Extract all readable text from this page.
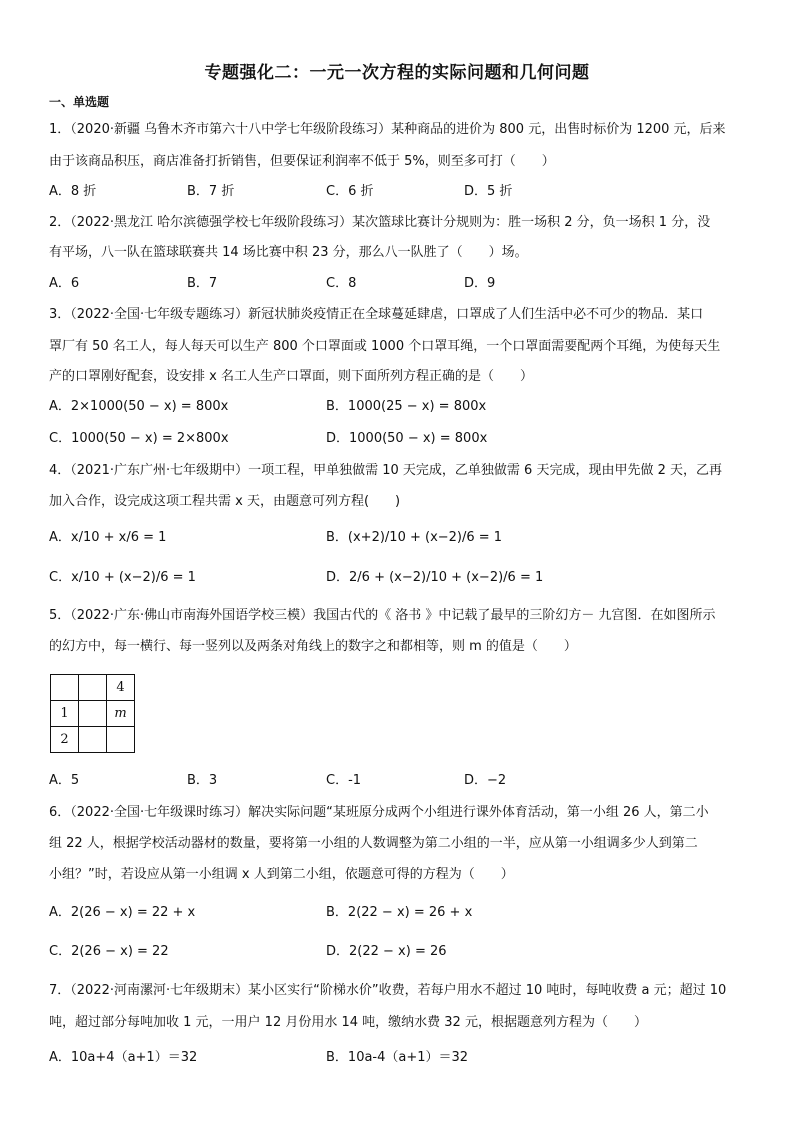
专题强化二：一元一次方程的实际问题和几何问题
一、单选题
1．（2020·新疆 乌鲁木齐市第六十八中学七年级阶段练习）某种商品的进价为 800 元，出售时标价为 1200 元，后来
由于该商品积压，商店准备打折销售，但要保证利润率不低于 5%，则至多可打（　　）
A．8 折	B．7 折	C．6 折	D．5 折
2．（2022·黑龙江 哈尔滨德强学校七年级阶段练习）某次篮球比赛计分规则为：胜一场积 2 分，负一场积 1 分，没
有平场，八一队在篮球联赛共 14 场比赛中积 23 分，那么八一队胜了（　　）场。
A．6	B．7	C．8	D．9
3．（2022·全国·七年级专题练习）新冠状肺炎疫情正在全球蔓延肆虐，口罩成了人们生活中必不可少的物品．某口
罩厂有 50 名工人，每人每天可以生产 800 个口罩面或 1000 个口罩耳绳，一个口罩面需要配两个耳绳，为使每天生
产的口罩刚好配套，设安排 x 名工人生产口罩面，则下面所列方程正确的是（　　）
A．2×1000(50 − x) = 800x	B．1000(25 − x) = 800x
C．1000(50 − x) = 2×800x	D．1000(50 − x) = 800x
4．（2021·广东广州·七年级期中）一项工程，甲单独做需 10 天完成，乙单独做需 6 天完成，现由甲先做 2 天，乙再
加入合作，设完成这项工程共需 x 天，由题意可列方程(　　)
A．x/10 + x/6 = 1	B．(x+2)/10 + (x−2)/6 = 1
C．x/10 + (x−2)/6 = 1	D．2/6 + (x−2)/10 + (x−2)/6 = 1
5．（2022·广东·佛山市南海外国语学校三模）我国古代的《 洛书 》中记载了最早的三阶幻方－ 九宫图．在如图所示
的幻方中，每一横行、每一竖列以及两条对角线上的数字之和都相等，则 m 的值是（　　）
		4
1		m
2		
A．5	B．3	C．-1	D．−2
6．（2022·全国·七年级课时练习）解决实际问题“某班原分成两个小组进行课外体育活动，第一小组 26 人，第二小
组 22 人，根据学校活动器材的数量，要将第一小组的人数调整为第二小组的一半，应从第一小组调多少人到第二
小组？”时，若设应从第一小组调 x 人到第二小组，依题意可得的方程为（　　）
A．2(26 − x) = 22 + x	B．2(22 − x) = 26 + x
C．2(26 − x) = 22	D．2(22 − x) = 26
7．（2022·河南漯河·七年级期末）某小区实行“阶梯水价”收费，若每户用水不超过 10 吨时，每吨收费 a 元；超过 10
吨，超过部分每吨加收 1 元，一用户 12 月份用水 14 吨，缴纳水费 32 元，根据题意列方程为（　　）
A．10a+4（a+1）＝32	B．10a-4（a+1）＝32
